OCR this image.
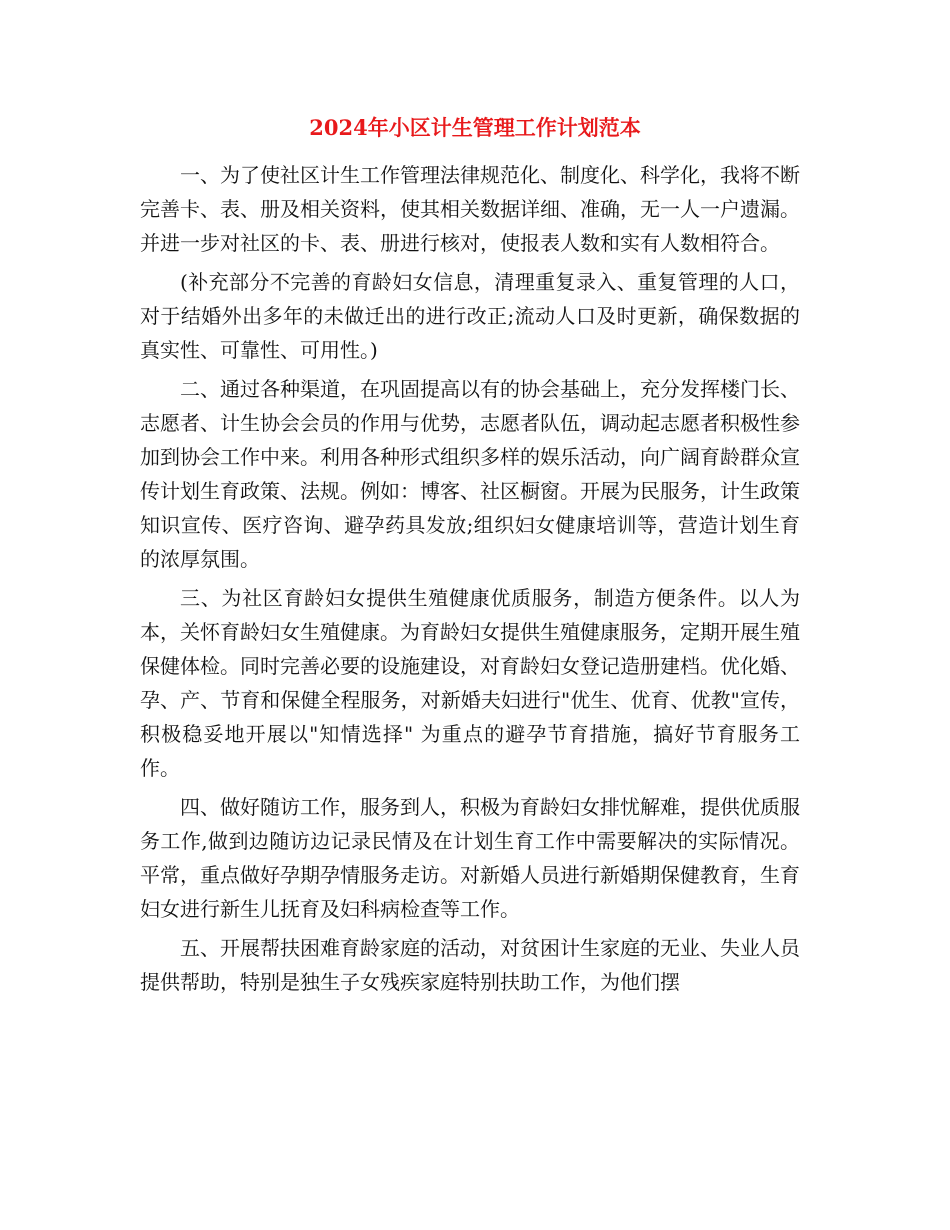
2024年小区计生管理工作计划范本

一、为了使社区计生工作管理法律规范化、制度化、科学化，我将不断完善卡、表、册及相关资料，使其相关数据详细、准确，无一人一户遗漏。并进一步对社区的卡、表、册进行核对，使报表人数和实有人数相符合。

(补充部分不完善的育龄妇女信息，清理重复录入、重复管理的人口，对于结婚外出多年的未做迁出的进行改正;流动人口及时更新，确保数据的真实性、可靠性、可用性。)

二、通过各种渠道，在巩固提高以有的协会基础上，充分发挥楼门长、志愿者、计生协会会员的作用与优势，志愿者队伍，调动起志愿者积极性参加到协会工作中来。利用各种形式组织多样的娱乐活动，向广阔育龄群众宣传计划生育政策、法规。例如：博客、社区橱窗。开展为民服务，计生政策知识宣传、医疗咨询、避孕药具发放;组织妇女健康培训等，营造计划生育的浓厚氛围。

三、为社区育龄妇女提供生殖健康优质服务，制造方便条件。以人为本，关怀育龄妇女生殖健康。为育龄妇女提供生殖健康服务，定期开展生殖保健体检。同时完善必要的设施建设，对育龄妇女登记造册建档。优化婚、孕、产、节育和保健全程服务，对新婚夫妇进行"优生、优育、优教"宣传，积极稳妥地开展以"知情选择" 为重点的避孕节育措施，搞好节育服务工作。

四、做好随访工作，服务到人，积极为育龄妇女排忧解难，提供优质服务工作,做到边随访边记录民情及在计划生育工作中需要解决的实际情况。平常，重点做好孕期孕情服务走访。对新婚人员进行新婚期保健教育，生育妇女进行新生儿抚育及妇科病检查等工作。

五、开展帮扶困难育龄家庭的活动，对贫困计生家庭的无业、失业人员提供帮助，特别是独生子女残疾家庭特别扶助工作，为他们摆
